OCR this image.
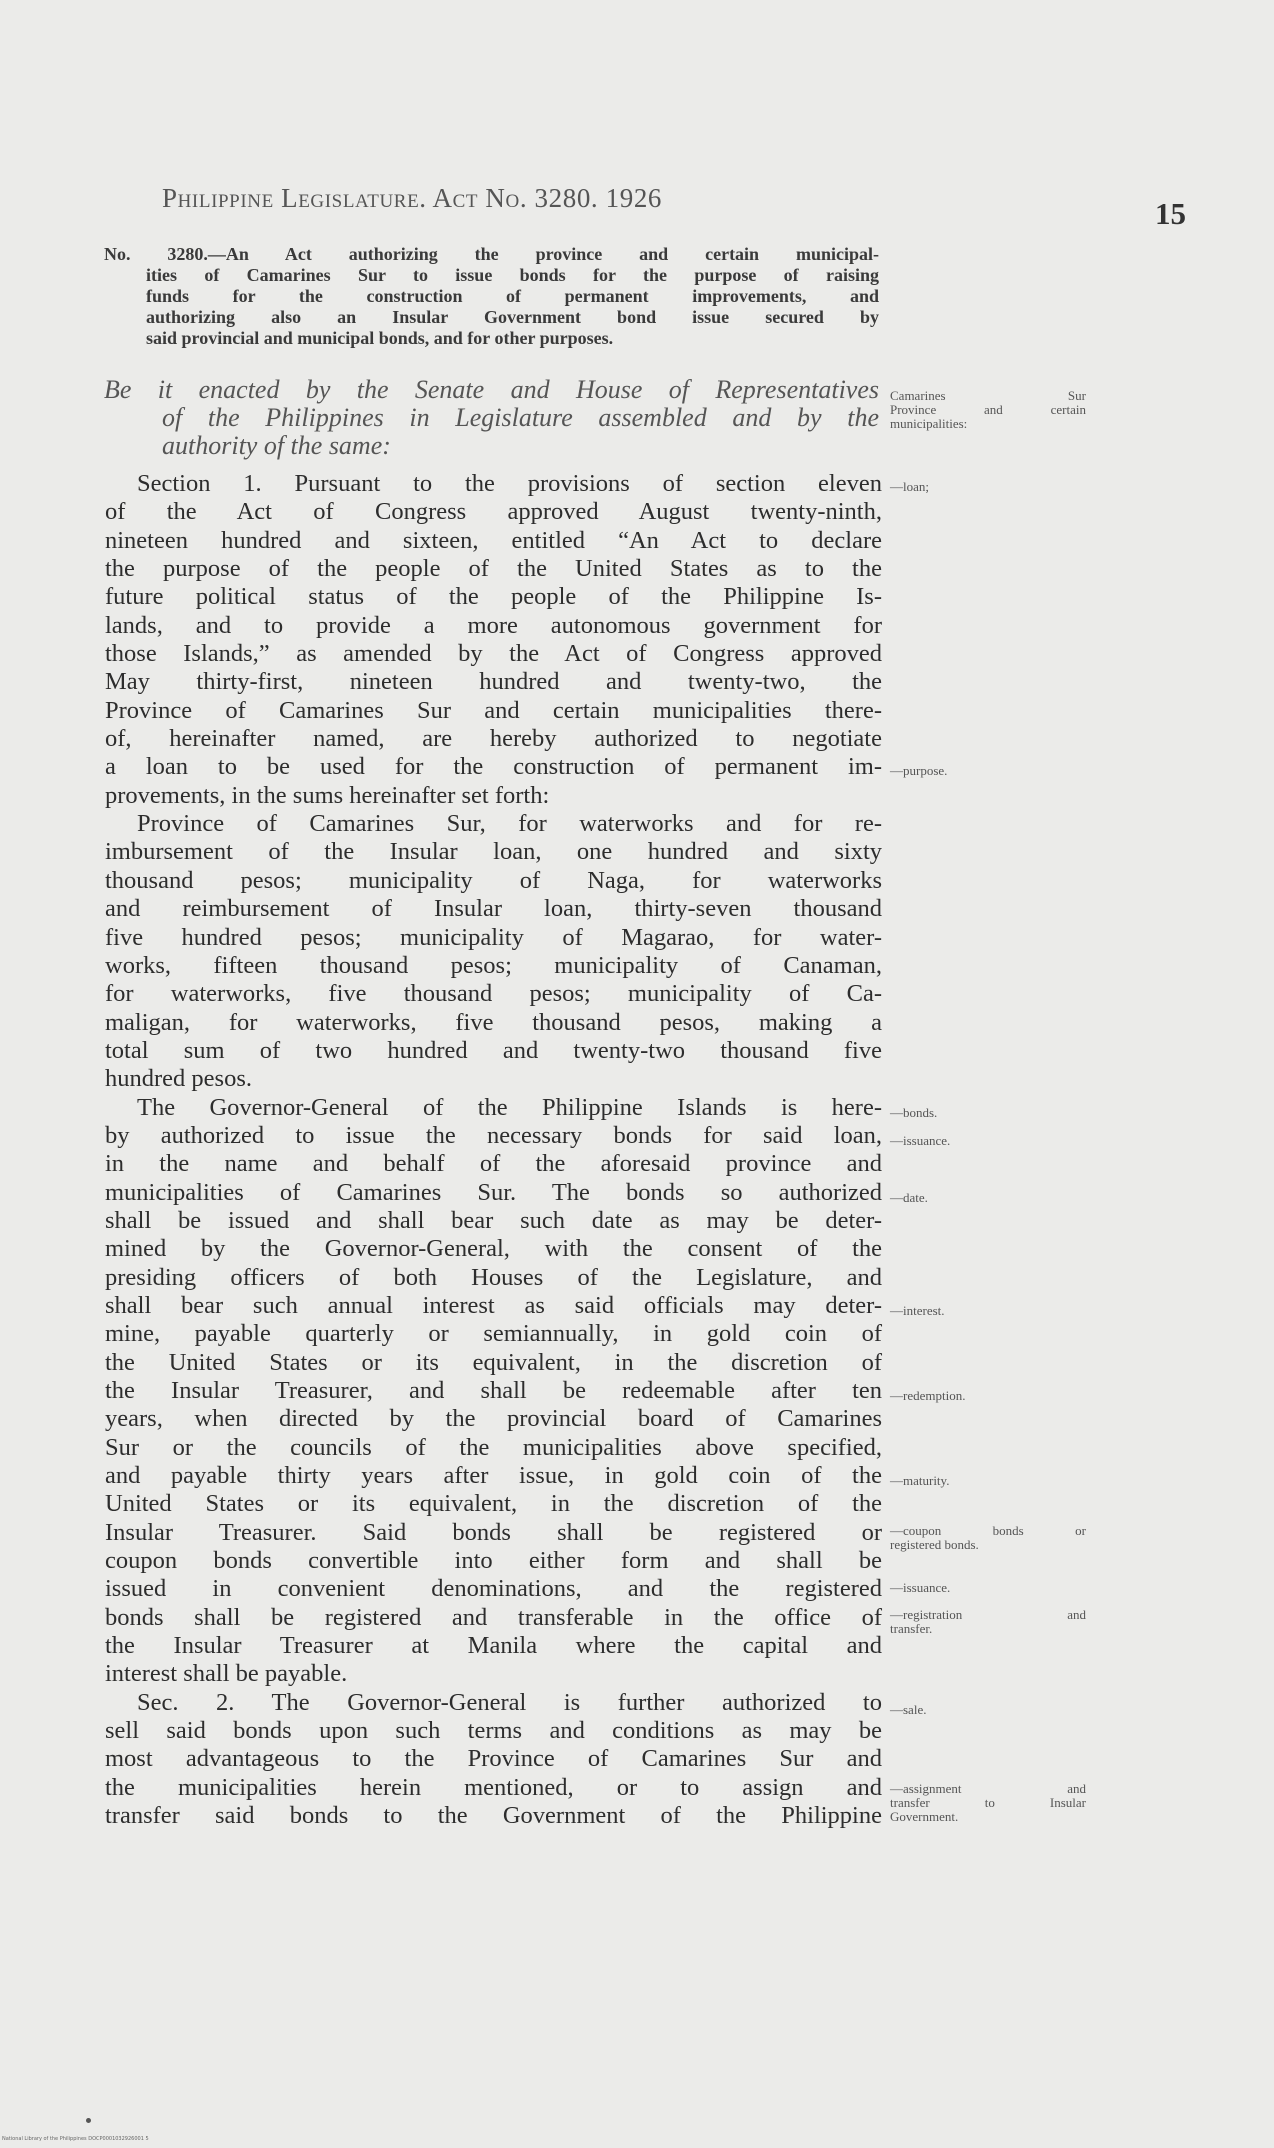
Philippine Legislature. Act No. 3280. 1926	15
No. 3280.—An Act authorizing the province and certain municipal-
ities of Camarines Sur to issue bonds for the purpose of raising
funds for the construction of permanent improvements, and
authorizing also an Insular Government bond issue secured by
said provincial and municipal bonds, and for other purposes.
Be it enacted by the Senate and House of Representatives
of the Philippines in Legislature assembled and by the
authority of the same:
Section 1. Pursuant to the provisions of section eleven
of the Act of Congress approved August twenty-ninth,
nineteen hundred and sixteen, entitled “An Act to declare
the purpose of the people of the United States as to the
future political status of the people of the Philippine Is-
lands, and to provide a more autonomous government for
those Islands,” as amended by the Act of Congress approved
May thirty-first, nineteen hundred and twenty-two, the
Province of Camarines Sur and certain municipalities there-
of, hereinafter named, are hereby authorized to negotiate
a loan to be used for the construction of permanent im-
provements, in the sums hereinafter set forth:
Province of Camarines Sur, for waterworks and for re-
imbursement of the Insular loan, one hundred and sixty
thousand pesos; municipality of Naga, for waterworks
and reimbursement of Insular loan, thirty-seven thousand
five hundred pesos; municipality of Magarao, for water-
works, fifteen thousand pesos; municipality of Canaman,
for waterworks, five thousand pesos; municipality of Ca-
maligan, for waterworks, five thousand pesos, making a
total sum of two hundred and twenty-two thousand five
hundred pesos.
The Governor-General of the Philippine Islands is here-
by authorized to issue the necessary bonds for said loan,
in the name and behalf of the aforesaid province and
municipalities of Camarines Sur. The bonds so authorized
shall be issued and shall bear such date as may be deter-
mined by the Governor-General, with the consent of the
presiding officers of both Houses of the Legislature, and
shall bear such annual interest as said officials may deter-
mine, payable quarterly or semiannually, in gold coin of
the United States or its equivalent, in the discretion of
the Insular Treasurer, and shall be redeemable after ten
years, when directed by the provincial board of Camarines
Sur or the councils of the municipalities above specified,
and payable thirty years after issue, in gold coin of the
United States or its equivalent, in the discretion of the
Insular Treasurer. Said bonds shall be registered or
coupon bonds convertible into either form and shall be
issued in convenient denominations, and the registered
bonds shall be registered and transferable in the office of
the Insular Treasurer at Manila where the capital and
interest shall be payable.
Sec. 2. The Governor-General is further authorized to
sell said bonds upon such terms and conditions as may be
most advantageous to the Province of Camarines Sur and
the municipalities herein mentioned, or to assign and
transfer said bonds to the Government of the Philippine
Camarines Sur
Province and certain
municipalities:
—loan;
—purpose.
—bonds.
—issuance.
—date.
—interest.
—redemption.
—maturity.
—coupon bonds or
registered bonds.
—issuance.
—registration and
transfer.
—sale.
—assignment and
transfer to Insular
Government.
National Library of the Philippines DOCP0001032926001 5
